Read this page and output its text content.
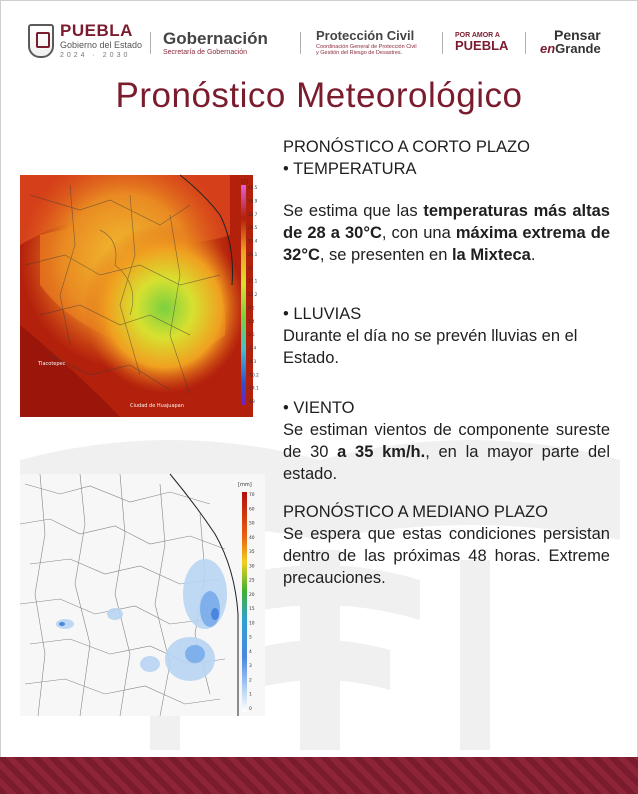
PUEBLA
Gobierno del Estado
2024 · 2030
Gobernación
Secretaría de Gobernación
Protección Civil
Coordinación General de Protección Civil
y Gestión del Riesgo de Desastres.
POR AMOR A
PUEBLA
Pensar
enGrande
Pronóstico Meteorológico
[C]
40.5
36.9
33.7
30.5
27.4
24.1
21
17.1
13.2
9.2
5.4
1.5
-2.4
-6.3
-10.2
-14.1
-18
Ciudad de Huajuapan
Tlacotepec
[mm]
70
60
50
40
35
30
25
20
15
10
5
4
3
2
1
0
PRONÓSTICO A CORTO PLAZO
• TEMPERATURA
Se estima que las temperaturas más altas de 28 a 30°C, con una máxima extrema de 32°C, se presenten en la Mixteca.
• LLUVIAS
Durante el día no se prevén lluvias en el Estado.
• VIENTO
Se estiman vientos de componente sureste de 30 a 35 km/h., en la mayor parte del estado.
PRONÓSTICO A MEDIANO PLAZO
Se espera que estas condiciones persistan dentro de las próximas 48 horas. Extreme precauciones.
